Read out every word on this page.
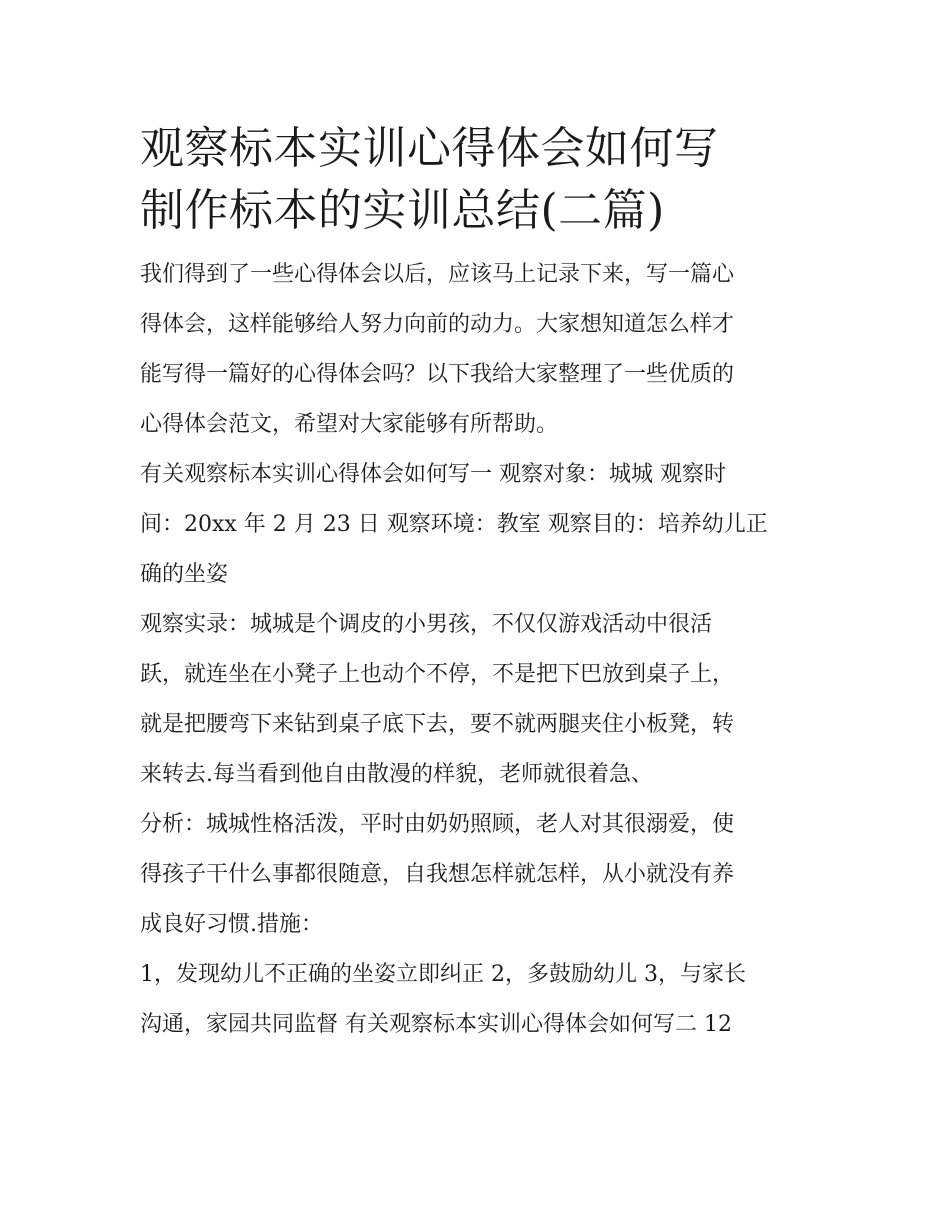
观察标本实训心得体会如何写
制作标本的实训总结(二篇)

我们得到了一些心得体会以后，应该马上记录下来，写一篇心
得体会，这样能够给人努力向前的动力。大家想知道怎么样才
能写得一篇好的心得体会吗？以下我给大家整理了一些优质的
心得体会范文，希望对大家能够有所帮助。

有关观察标本实训心得体会如何写一 观察对象：城城 观察时
间：20xx 年 2 月 23 日 观察环境：教室 观察目的：培养幼儿正
确的坐姿

观察实录：城城是个调皮的小男孩，不仅仅游戏活动中很活
跃，就连坐在小凳子上也动个不停，不是把下巴放到桌子上，
就是把腰弯下来钻到桌子底下去，要不就两腿夹住小板凳，转
来转去.每当看到他自由散漫的样貌，老师就很着急、

分析：城城性格活泼，平时由奶奶照顾，老人对其很溺爱，使
得孩子干什么事都很随意，自我想怎样就怎样，从小就没有养
成良好习惯.措施：

1，发现幼儿不正确的坐姿立即纠正 2，多鼓励幼儿 3，与家长
沟通，家园共同监督 有关观察标本实训心得体会如何写二 12
